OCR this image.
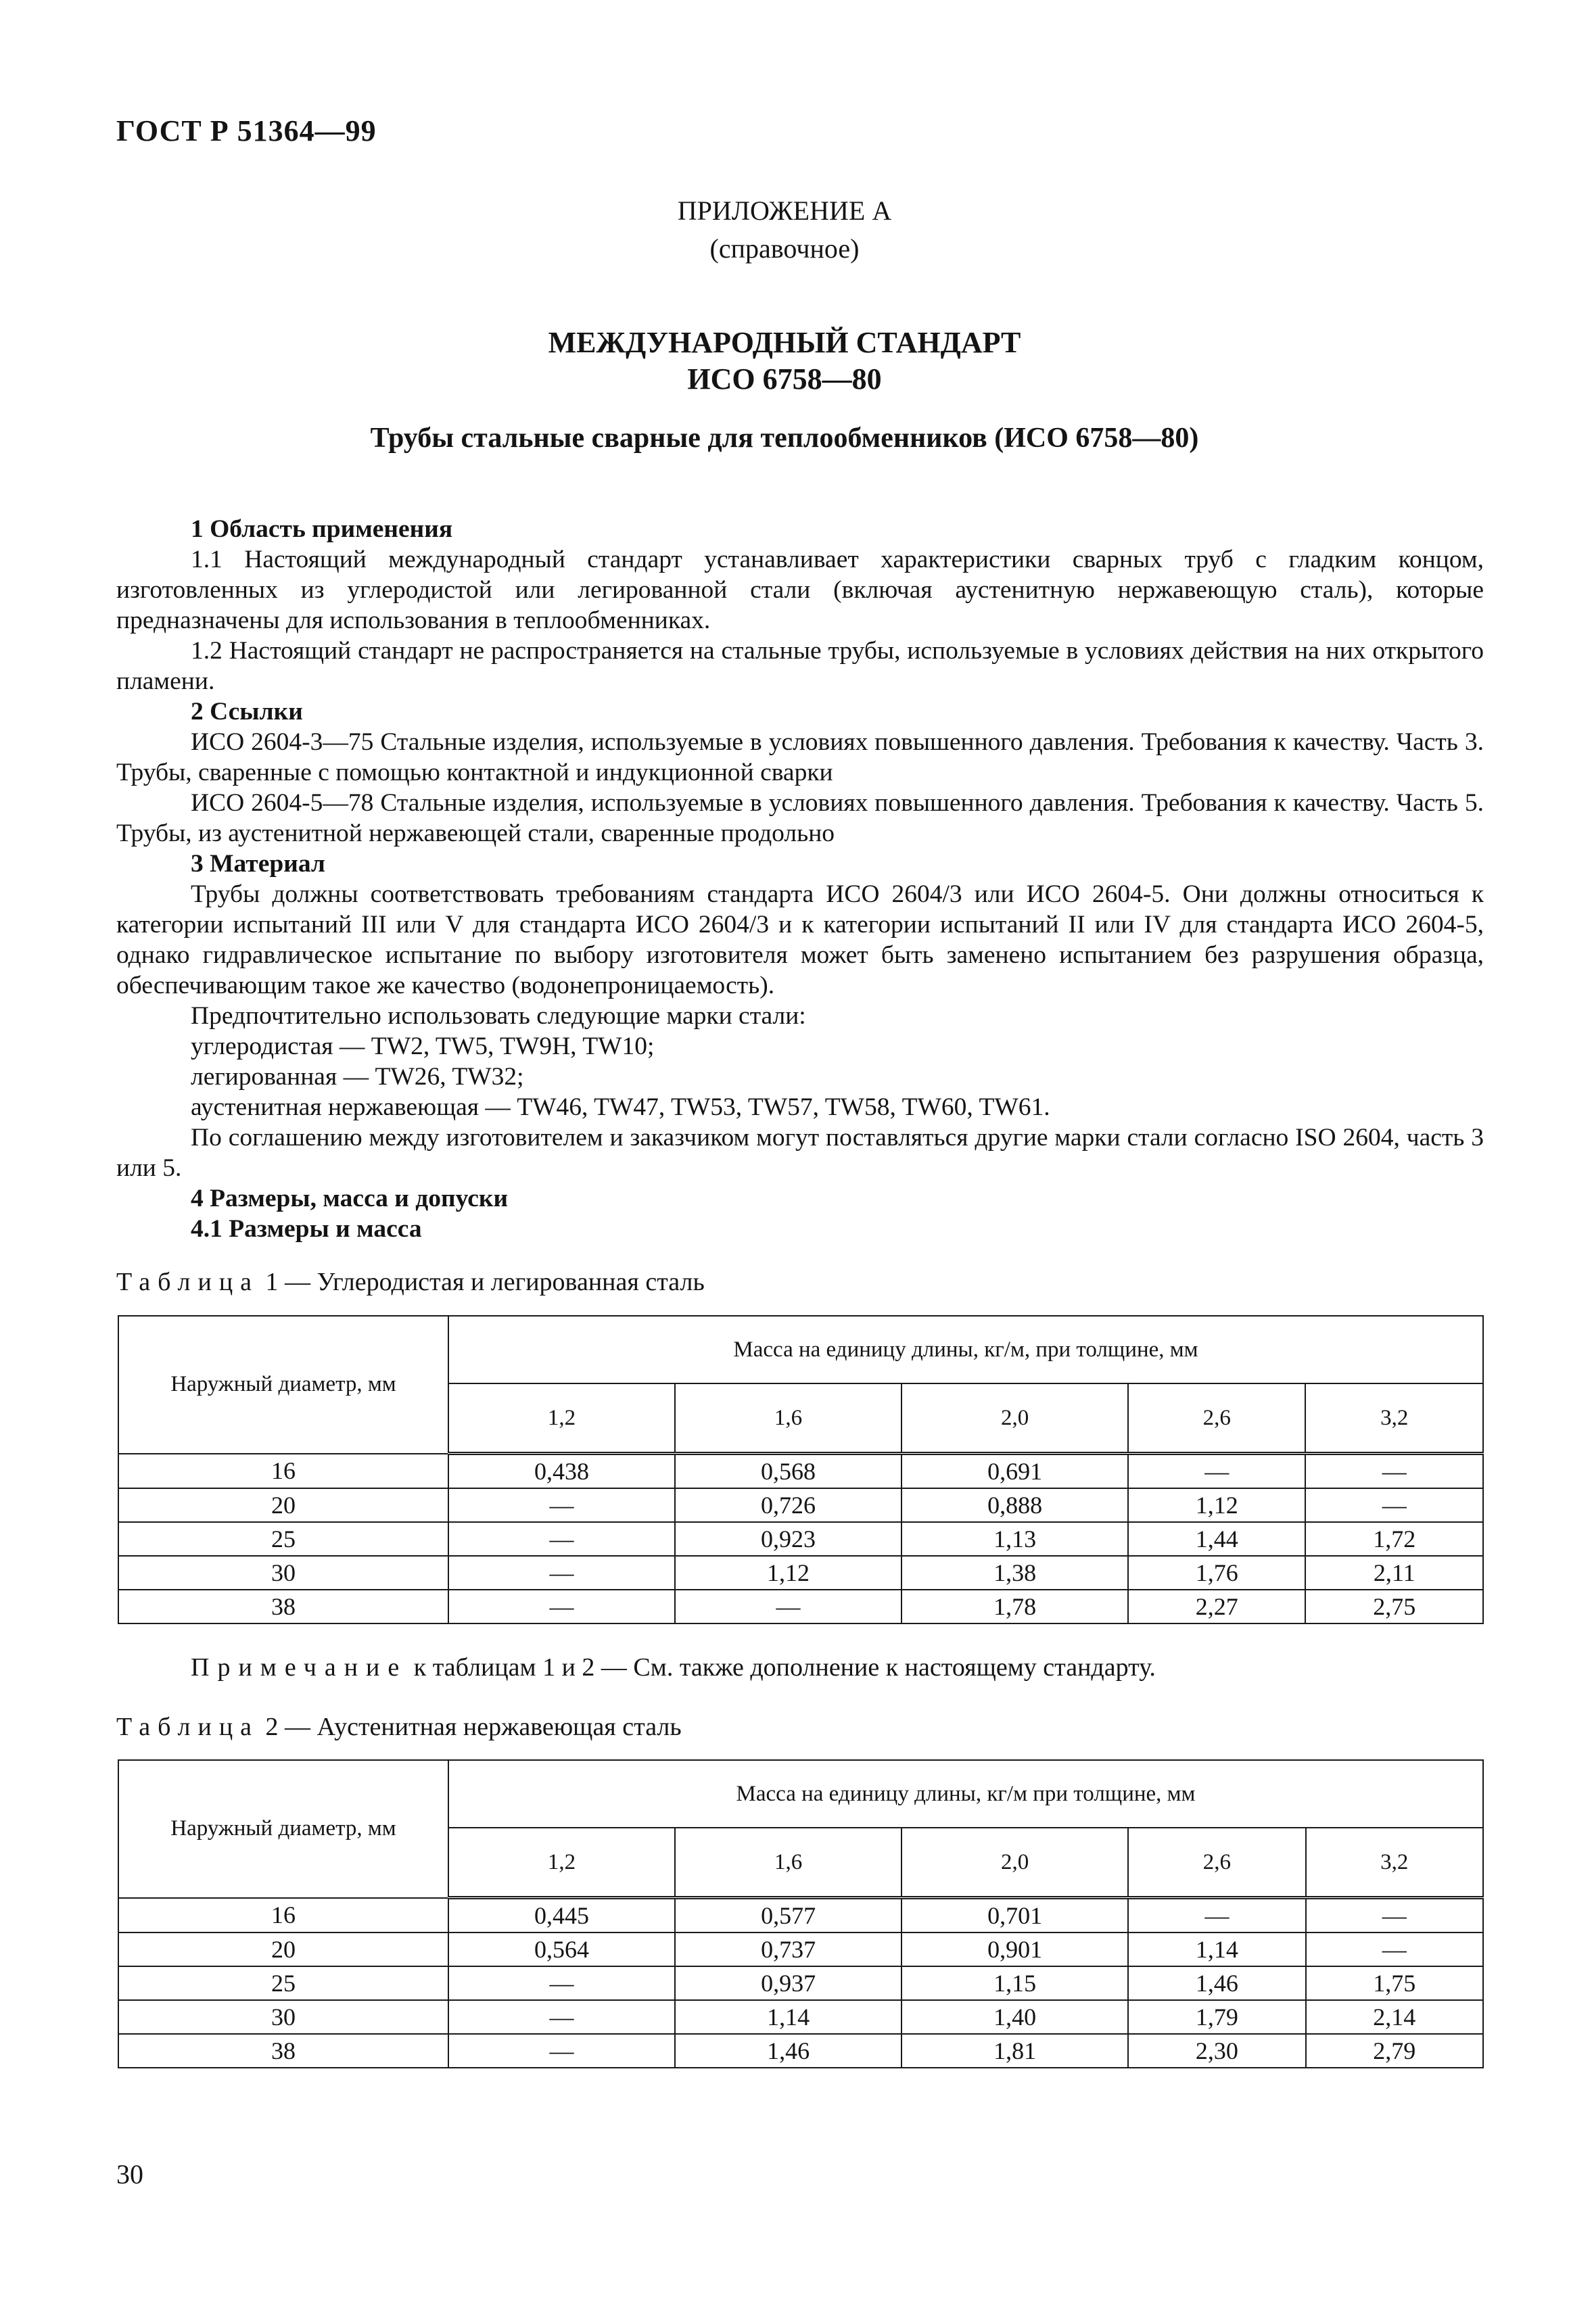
ГОСТ Р 51364—99
ПРИЛОЖЕНИЕ А
(справочное)
МЕЖДУНАРОДНЫЙ СТАНДАРТ
ИСО 6758—80
Трубы стальные сварные для теплообменников (ИСО 6758—80)

1 Область применения

1.1 Настоящий международный стандарт устанавливает характеристики сварных труб с гладким концом, изготовленных из углеродистой или легированной стали (включая аустенитную нержавеющую сталь), которые предназначены для использования в теплообменниках.

1.2 Настоящий стандарт не распространяется на стальные трубы, используемые в условиях действия на них открытого пламени.

2 Ссылки

ИСО 2604-3—75 Стальные изделия, используемые в условиях повышенного давления. Требования к качеству. Часть 3. Трубы, сваренные с помощью контактной и индукционной сварки

ИСО 2604-5—78 Стальные изделия, используемые в условиях повышенного давления. Требования к качеству. Часть 5. Трубы, из аустенитной нержавеющей стали, сваренные продольно

3 Материал

Трубы должны соответствовать требованиям стандарта ИСО 2604/3 или ИСО 2604-5. Они должны относиться к категории испытаний III или V для стандарта ИСО 2604/3 и к категории испытаний II или IV для стандарта ИСО 2604-5, однако гидравлическое испытание по выбору изготовителя может быть заменено испытанием без разрушения образца, обеспечивающим такое же качество (водонепроницаемость).

Предпочтительно использовать следующие марки стали:

углеродистая — TW2, TW5, TW9H, TW10;

легированная — TW26, TW32;

аустенитная нержавеющая — TW46, TW47, TW53, TW57, TW58, TW60, TW61.

По соглашению между изготовителем и заказчиком могут поставляться другие марки стали согласно ISO 2604, часть 3 или 5.

4 Размеры, масса и допуски

4.1 Размеры и масса

Таблица 1 — Углеродистая и легированная сталь
Наружный диаметр, мм	Масса на единицу длины, кг/м, при толщине, мм				
	1,2	1,6	2,0	2,6	3,2
16	0,438	0,568	0,691	—	—
20	—	0,726	0,888	1,12	—
25	—	0,923	1,13	1,44	1,72
30	—	1,12	1,38	1,76	2,11
38	—	—	1,78	2,27	2,75
Примечание к таблицам 1 и 2 — См. также дополнение к настоящему стандарту.
Таблица 2 — Аустенитная нержавеющая сталь
Наружный диаметр, мм	Масса на единицу длины, кг/м при толщине, мм				
	1,2	1,6	2,0	2,6	3,2
16	0,445	0,577	0,701	—	—
20	0,564	0,737	0,901	1,14	—
25	—	0,937	1,15	1,46	1,75
30	—	1,14	1,40	1,79	2,14
38	—	1,46	1,81	2,30	2,79
30
